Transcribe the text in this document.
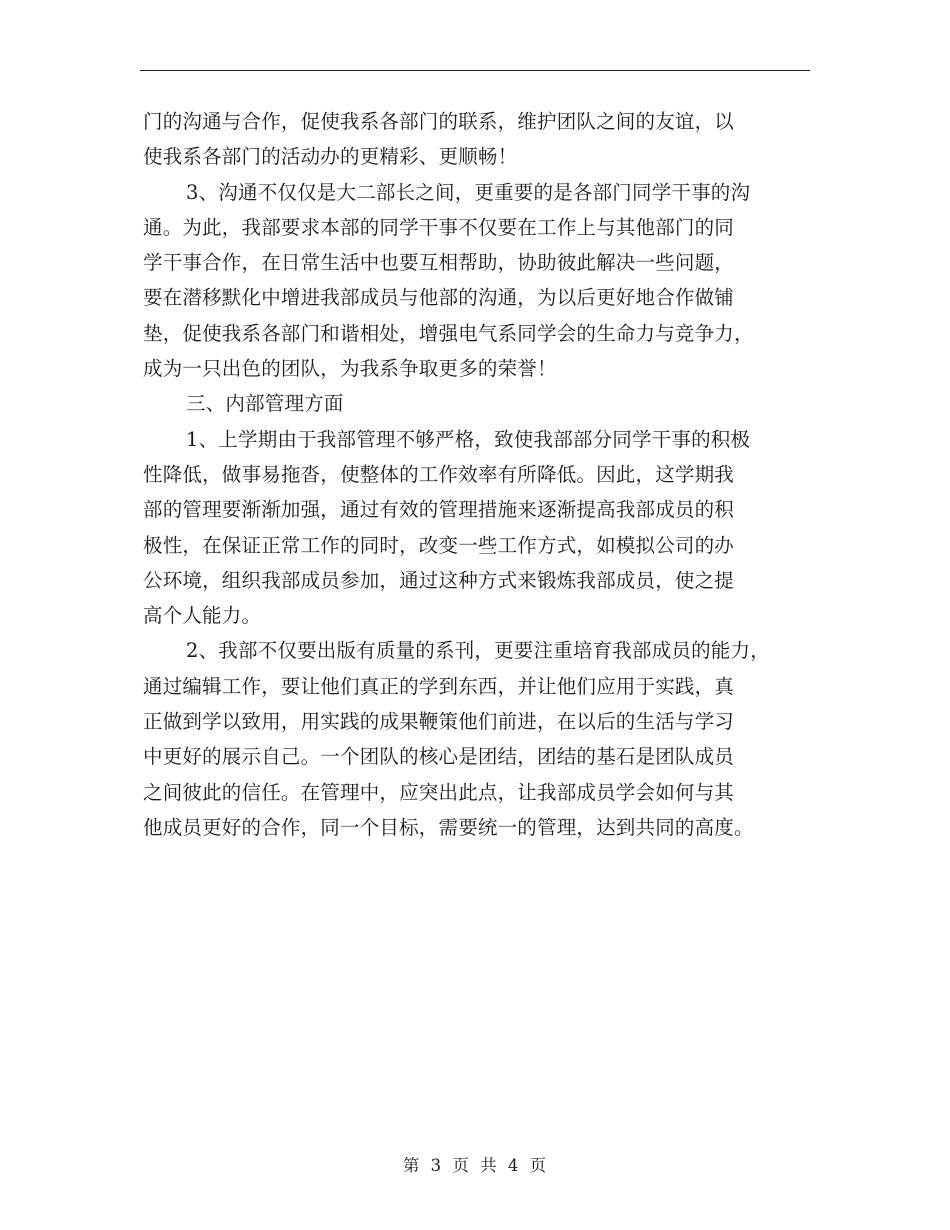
门的沟通与合作，促使我系各部门的联系，维护团队之间的友谊，以
使我系各部门的活动办的更精彩、更顺畅！
3、沟通不仅仅是大二部长之间，更重要的是各部门同学干事的沟
通。为此，我部要求本部的同学干事不仅要在工作上与其他部门的同
学干事合作，在日常生活中也要互相帮助，协助彼此解决一些问题，
要在潜移默化中增进我部成员与他部的沟通，为以后更好地合作做铺
垫，促使我系各部门和谐相处，增强电气系同学会的生命力与竞争力，
成为一只出色的团队，为我系争取更多的荣誉！
三、内部管理方面
1、上学期由于我部管理不够严格，致使我部部分同学干事的积极
性降低，做事易拖沓，使整体的工作效率有所降低。因此，这学期我
部的管理要渐渐加强，通过有效的管理措施来逐渐提高我部成员的积
极性，在保证正常工作的同时，改变一些工作方式，如模拟公司的办
公环境，组织我部成员参加，通过这种方式来锻炼我部成员，使之提
高个人能力。
2、我部不仅要出版有质量的系刊，更要注重培育我部成员的能力，
通过编辑工作，要让他们真正的学到东西，并让他们应用于实践，真
正做到学以致用，用实践的成果鞭策他们前进，在以后的生活与学习
中更好的展示自己。一个团队的核心是团结，团结的基石是团队成员
之间彼此的信任。在管理中，应突出此点，让我部成员学会如何与其
他成员更好的合作，同一个目标，需要统一的管理，达到共同的高度。
第 3 页 共 4 页
